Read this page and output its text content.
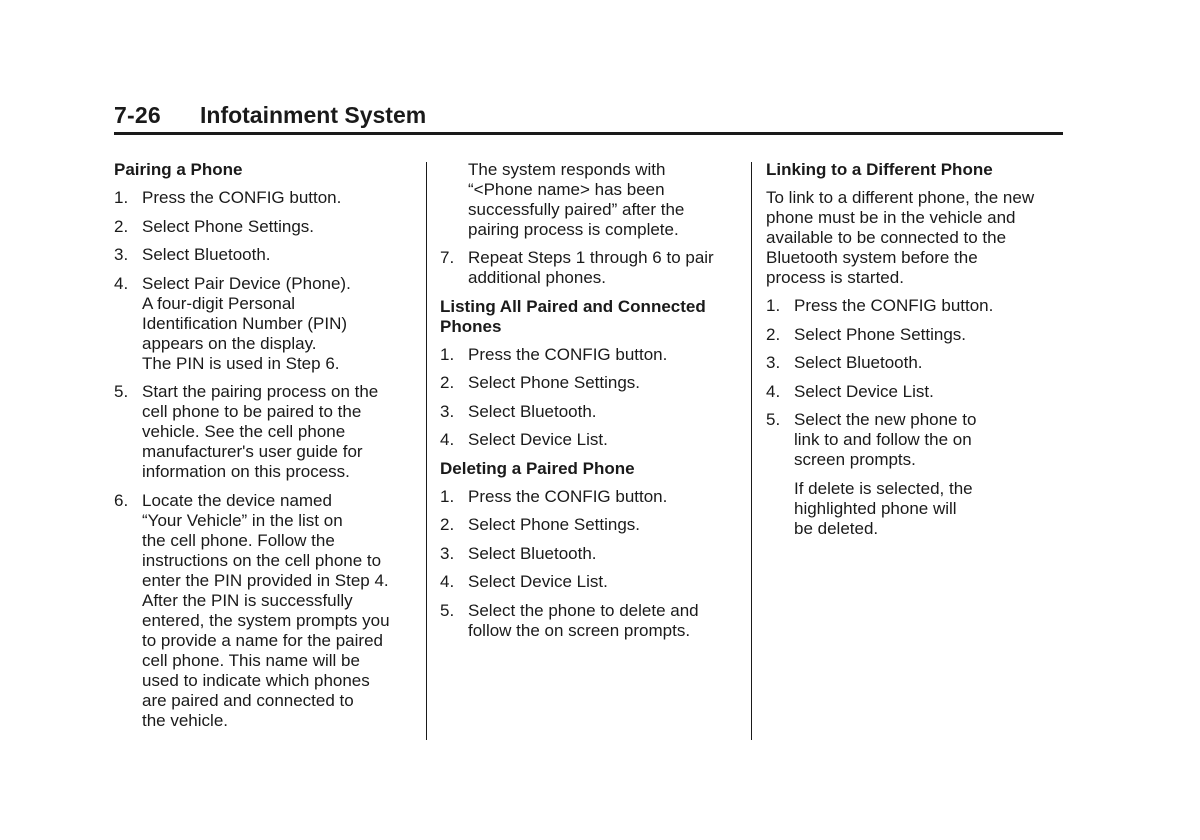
7-26 Infotainment System
Pairing a Phone
1. Press the CONFIG button.
2. Select Phone Settings.
3. Select Bluetooth.
4. Select Pair Device (Phone).
A four-digit Personal
Identification Number (PIN)
appears on the display.
The PIN is used in Step 6.
5. Start the pairing process on the
cell phone to be paired to the
vehicle. See the cell phone
manufacturer's user guide for
information on this process.
6. Locate the device named
“Your Vehicle” in the list on
the cell phone. Follow the
instructions on the cell phone to
enter the PIN provided in Step 4.
After the PIN is successfully
entered, the system prompts you
to provide a name for the paired
cell phone. This name will be
used to indicate which phones
are paired and connected to
the vehicle.

The system responds with
“<Phone name> has been
successfully paired” after the
pairing process is complete.

7. Repeat Steps 1 through 6 to pair
additional phones.
Listing All Paired and Connected
Phones
1. Press the CONFIG button.
2. Select Phone Settings.
3. Select Bluetooth.
4. Select Device List.
Deleting a Paired Phone
1. Press the CONFIG button.
2. Select Phone Settings.
3. Select Bluetooth.
4. Select Device List.
5. Select the phone to delete and
follow the on screen prompts.
Linking to a Different Phone

To link to a different phone, the new
phone must be in the vehicle and
available to be connected to the
Bluetooth system before the
process is started.

1. Press the CONFIG button.
2. Select Phone Settings.
3. Select Bluetooth.
4. Select Device List.
5. Select the new phone to
link to and follow the on
screen prompts.

If delete is selected, the
highlighted phone will
be deleted.
